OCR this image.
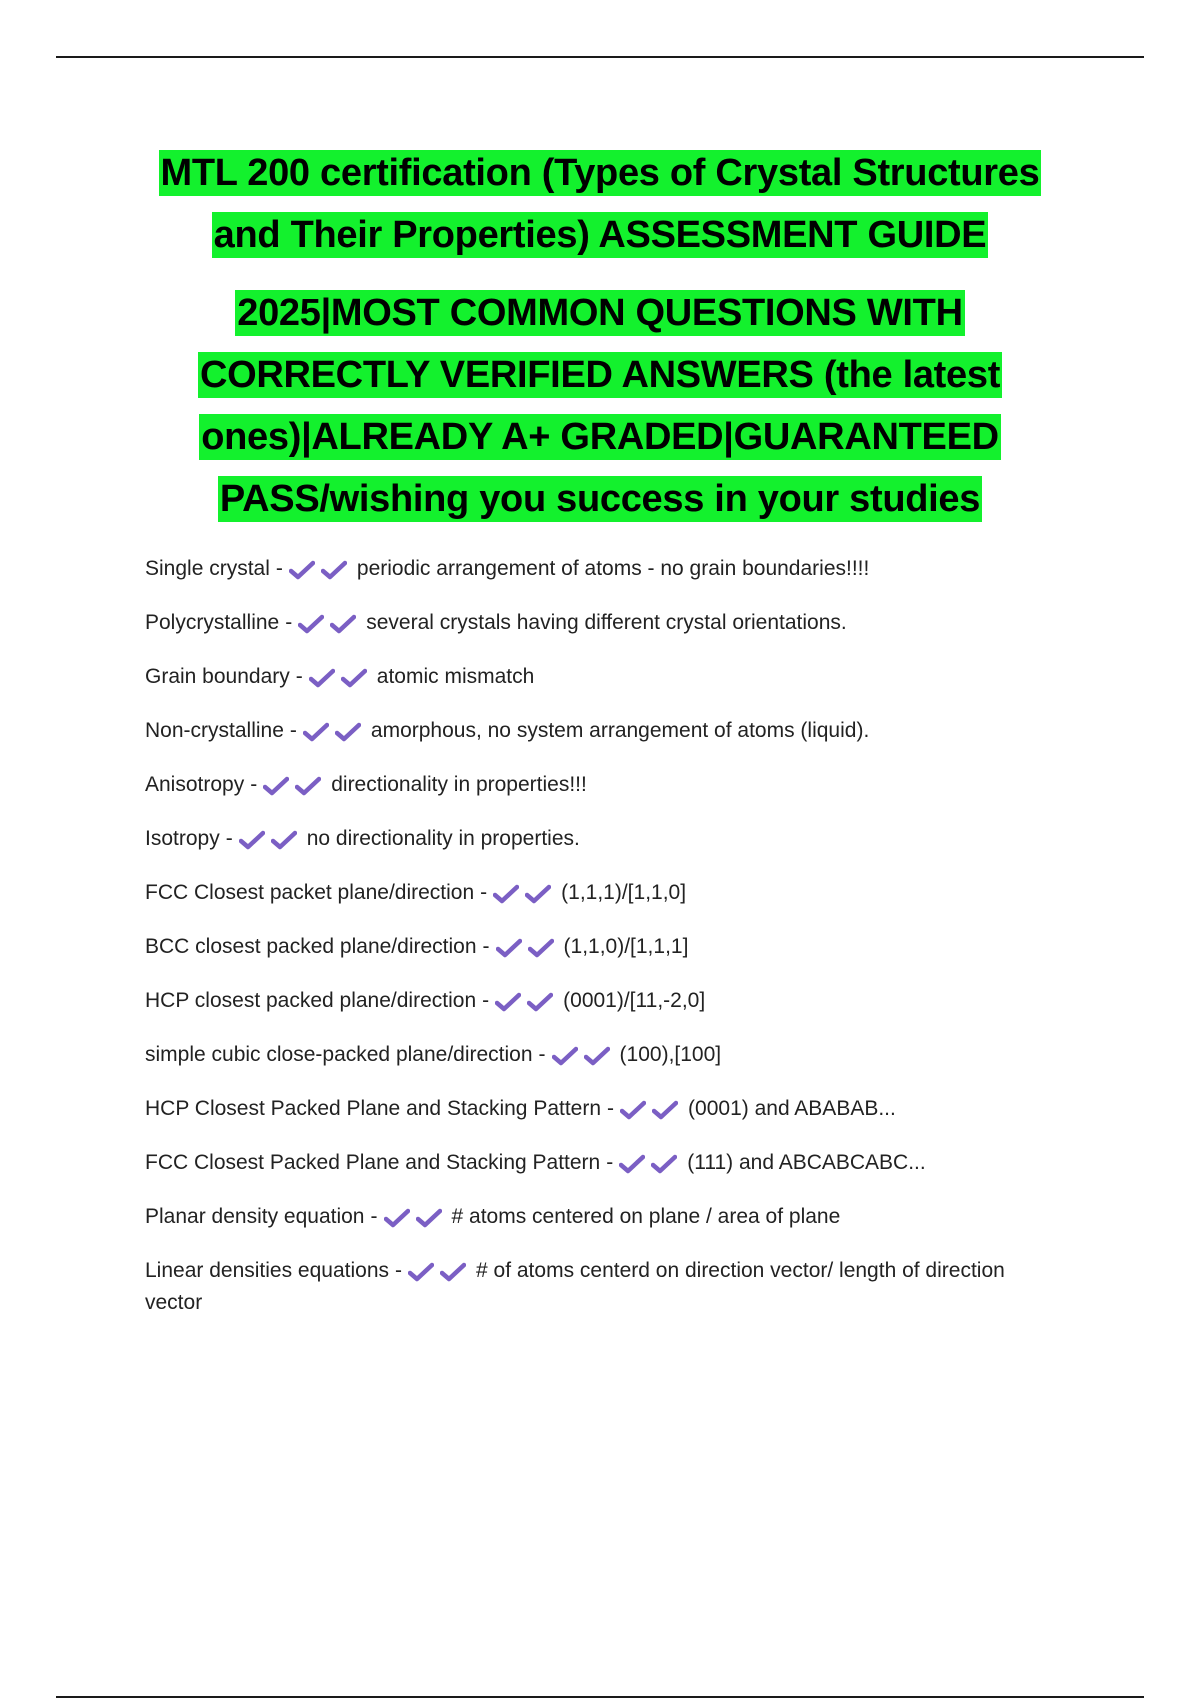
MTL 200 certification (Types of Crystal Structures
and Their Properties) ASSESSMENT GUIDE
2025|MOST COMMON QUESTIONS WITH
CORRECTLY VERIFIED ANSWERS (the latest
ones)|ALREADY A+ GRADED|GUARANTEED
PASS/wishing you success in your studies
Single crystal -	periodic arrangement of atoms - no grain boundaries!!!!
Polycrystalline -	several crystals having different crystal orientations.
Grain boundary -	atomic mismatch
Non-crystalline -	amorphous, no system arrangement of atoms (liquid).
Anisotropy -	directionality in properties!!!
Isotropy -	no directionality in properties.
FCC Closest packet plane/direction -	(1,1,1)/[1,1,0]
BCC closest packed plane/direction -	(1,1,0)/[1,1,1]
HCP closest packed plane/direction -	(0001)/[11,-2,0]
simple cubic close-packed plane/direction -	(100),[100]
HCP Closest Packed Plane and Stacking Pattern -	(0001) and ABABAB...
FCC Closest Packed Plane and Stacking Pattern -	(111) and ABCABCABC...
Planar density equation -	# atoms centered on plane / area of plane
Linear densities equations -	# of atoms centerd on direction vector/ length of direction vector
